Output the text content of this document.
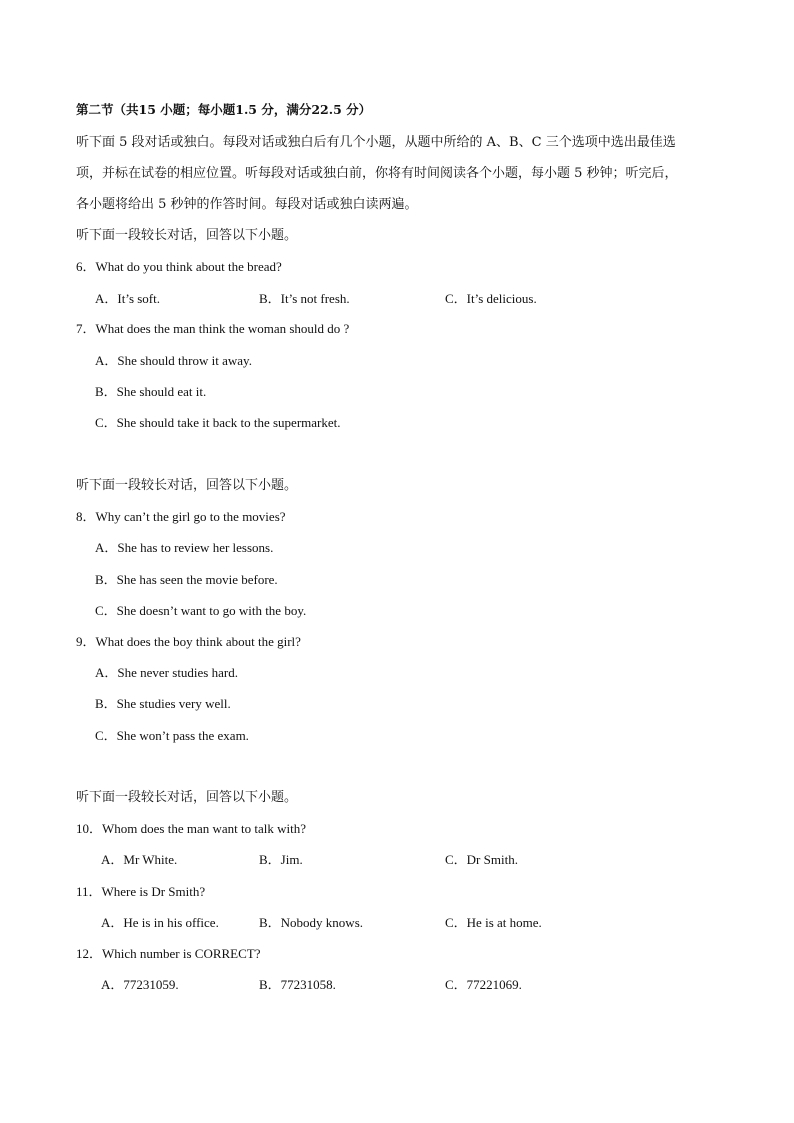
第二节（共15 小题；每小题1.5 分，满分22.5 分）
听下面 5 段对话或独白。每段对话或独白后有几个小题，从题中所给的 A、B、C 三个选项中选出最佳选
项，并标在试卷的相应位置。听每段对话或独白前，你将有时间阅读各个小题，每小题 5 秒钟；听完后，
各小题将给出 5 秒钟的作答时间。每段对话或独白读两遍。
听下面一段较长对话，回答以下小题。
6．What do you think about the bread?
A．It’s soft.	B．It’s not fresh.	C．It’s delicious.
7．What does the man think the woman should do ?
A．She should throw it away.
B．She should eat it.
C．She should take it back to the supermarket.
听下面一段较长对话，回答以下小题。
8．Why can’t the girl go to the movies?
A．She has to review her lessons.
B．She has seen the movie before.
C．She doesn’t want to go with the boy.
9．What does the boy think about the girl?
A．She never studies hard.
B．She studies very well.
C．She won’t pass the exam.
听下面一段较长对话，回答以下小题。
10．Whom does the man want to talk with?
A．Mr White.	B．Jim.	C．Dr Smith.
11．Where is Dr Smith?
A．He is in his office.	B．Nobody knows.	C．He is at home.
12．Which number is CORRECT?
A．77231059.	B．77231058.	C．77221069.
